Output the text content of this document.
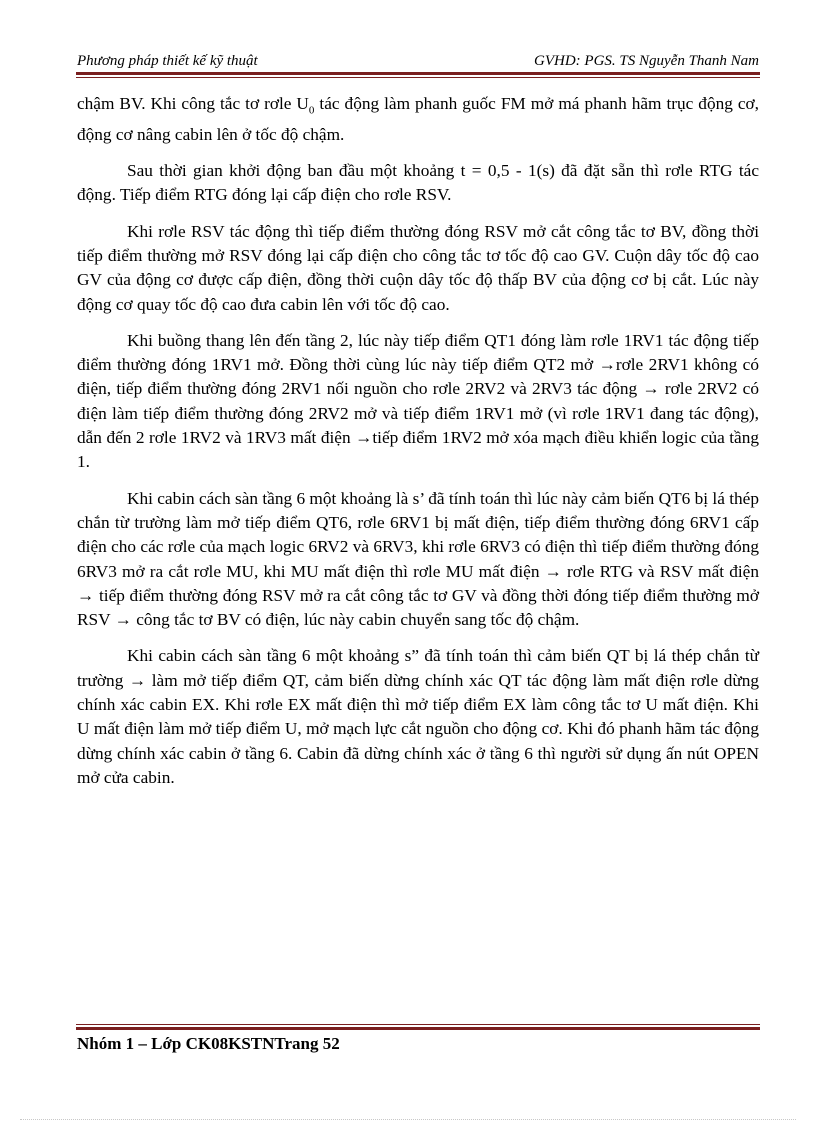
Phương pháp thiết kế kỹ thuật	GVHD: PGS. TS Nguyễn Thanh Nam

chậm BV. Khi công tắc tơ rơle $U_0$ tác động làm phanh guốc FM mở má phanh hãm trục động cơ, động cơ nâng cabin lên ở tốc độ chậm.

Sau thời gian khởi động ban đầu một khoảng t = 0,5 - 1(s) đã đặt sẵn thì rơle RTG tác động. Tiếp điểm RTG đóng lại cấp điện cho rơle RSV.

Khi rơle RSV tác động thì tiếp điểm thường đóng RSV mở cắt công tắc tơ BV, đồng thời tiếp điểm thường mở RSV đóng lại cấp điện cho công tắc tơ tốc độ cao GV. Cuộn dây tốc độ cao GV của động cơ được cấp điện, đồng thời cuộn dây tốc độ thấp BV của động cơ bị cắt. Lúc này động cơ quay tốc độ cao đưa cabin lên với tốc độ cao.

Khi buồng thang lên đến tầng 2, lúc này tiếp điểm QT1 đóng làm rơle 1RV1 tác động tiếp điểm thường đóng 1RV1 mở. Đồng thời cùng lúc này tiếp điểm QT2 mở →rơle 2RV1 không có điện, tiếp điểm thường đóng 2RV1 nối nguồn cho rơle 2RV2 và 2RV3 tác động → rơle 2RV2 có điện làm tiếp điểm thường đóng 2RV2 mở và tiếp điểm 1RV1 mở (vì rơle 1RV1 đang tác động), dẫn đến 2 rơle 1RV2 và 1RV3 mất điện →tiếp điểm 1RV2 mở xóa mạch điều khiển logic của tầng 1.

Khi cabin cách sàn tầng 6 một khoảng là s’ đã tính toán thì lúc này cảm biến QT6 bị lá thép chắn từ trường làm mở tiếp điểm QT6, rơle 6RV1 bị mất điện, tiếp điểm thường đóng 6RV1 cấp điện cho các rơle của mạch logic 6RV2 và 6RV3, khi rơle 6RV3 có điện thì tiếp điểm thường đóng 6RV3 mở ra cắt rơle MU, khi MU mất điện thì rơle MU mất điện → rơle RTG và RSV mất điện → tiếp điểm thường đóng RSV mở ra cắt công tắc tơ GV và đồng thời đóng tiếp điểm thường mở RSV → công tắc tơ BV có điện, lúc này cabin chuyển sang tốc độ chậm.

Khi cabin cách sàn tầng 6 một khoảng s” đã tính toán thì cảm biến QT bị lá thép chắn từ trường → làm mở tiếp điểm QT, cảm biến dừng chính xác QT tác động làm mất điện rơle dừng chính xác cabin EX. Khi rơle EX mất điện thì mở tiếp điểm EX làm công tắc tơ U mất điện. Khi U mất điện làm mở tiếp điểm U, mở mạch lực cắt nguồn cho động cơ. Khi đó phanh hãm tác động dừng chính xác cabin ở tầng 6. Cabin đã dừng chính xác ở tầng 6 thì người sử dụng ấn nút OPEN mở cửa cabin.

Nhóm 1 – Lớp CK08KSTNTrang 52
